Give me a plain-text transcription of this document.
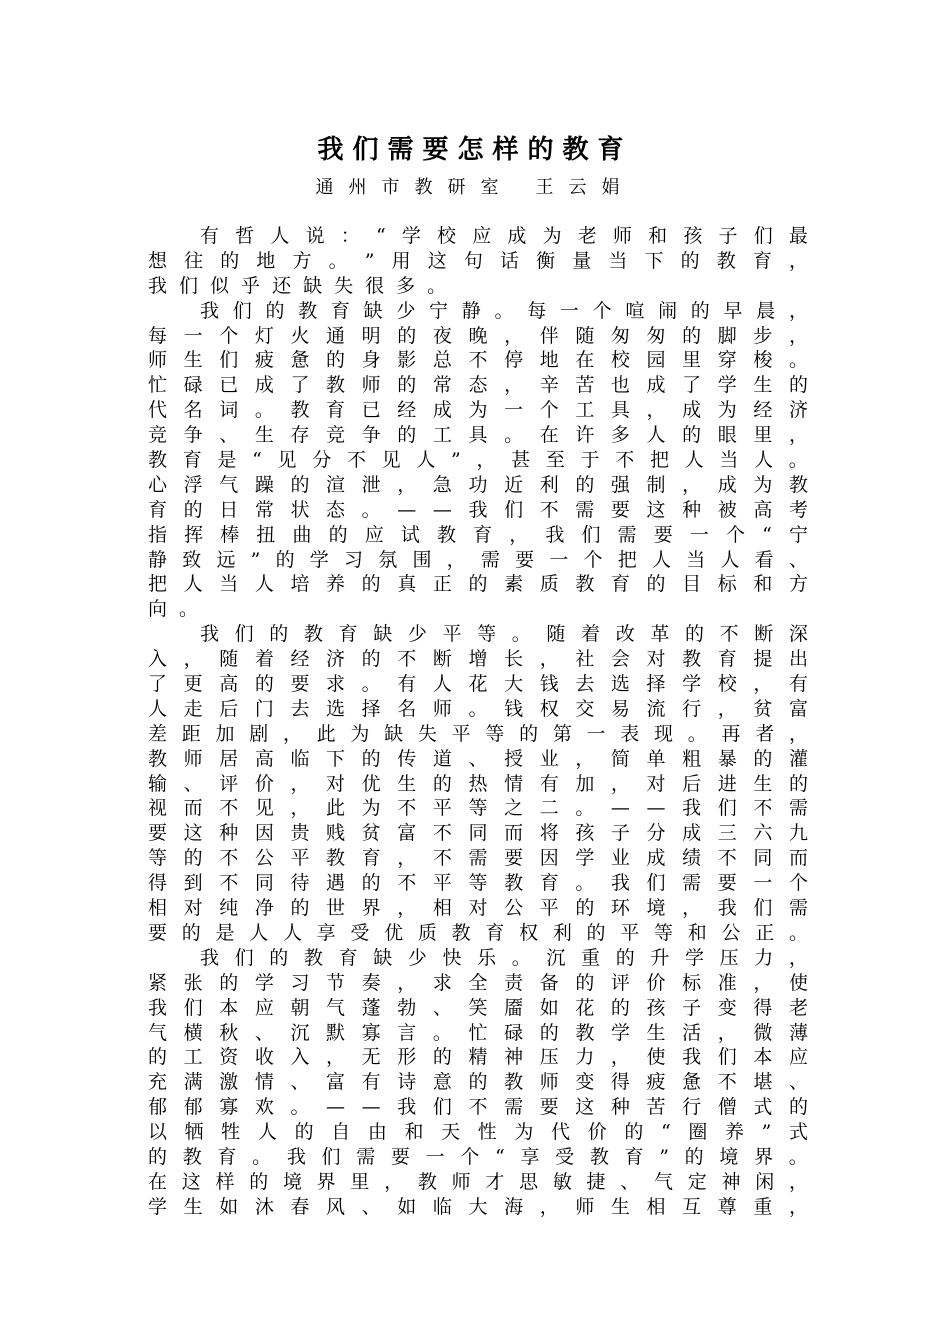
我们需要怎样的教育
通州市教研室 王云娟
有 哲 人 说 ： “ 学 校 应 成 为 老 师 和 孩 子 们 最
想 往 的 地 方 。 ” 用 这 句 话 衡 量 当 下 的 教 育 ，
我 们 似 乎 还 缺 失 很 多 。
我 们 的 教 育 缺 少 宁 静 。 每 一 个 喧 闹 的 早 晨 ，
每 一 个 灯 火 通 明 的 夜 晚 ， 伴 随 匆 匆 的 脚 步 ，
师 生 们 疲 惫 的 身 影 总 不 停 地 在 校 园 里 穿 梭 。
忙 碌 已 成 了 教 师 的 常 态 ， 辛 苦 也 成 了 学 生 的
代 名 词 。 教 育 已 经 成 为 一 个 工 具 ， 成 为 经 济
竞 争 、 生 存 竞 争 的 工 具 。 在 许 多 人 的 眼 里 ，
教 育 是 “ 见 分 不 见 人 ” ， 甚 至 于 不 把 人 当 人 。
心 浮 气 躁 的 渲 泄 ， 急 功 近 利 的 强 制 ， 成 为 教
育 的 日 常 状 态 。 — — 我 们 不 需 要 这 种 被 高 考
指 挥 棒 扭 曲 的 应 试 教 育 ， 我 们 需 要 一 个 “ 宁
静 致 远 ” 的 学 习 氛 围 ， 需 要 一 个 把 人 当 人 看 、
把 人 当 人 培 养 的 真 正 的 素 质 教 育 的 目 标 和 方
向 。
我 们 的 教 育 缺 少 平 等 。 随 着 改 革 的 不 断 深
入 ， 随 着 经 济 的 不 断 增 长 ， 社 会 对 教 育 提 出
了 更 高 的 要 求 。 有 人 花 大 钱 去 选 择 学 校 ， 有
人 走 后 门 去 选 择 名 师 。 钱 权 交 易 流 行 ， 贫 富
差 距 加 剧 ， 此 为 缺 失 平 等 的 第 一 表 现 。 再 者 ，
教 师 居 高 临 下 的 传 道 、 授 业 ， 简 单 粗 暴 的 灌
输 、 评 价 ， 对 优 生 的 热 情 有 加 ， 对 后 进 生 的
视 而 不 见 ， 此 为 不 平 等 之 二 。 — — 我 们 不 需
要 这 种 因 贵 贱 贫 富 不 同 而 将 孩 子 分 成 三 六 九
等 的 不 公 平 教 育 ， 不 需 要 因 学 业 成 绩 不 同 而
得 到 不 同 待 遇 的 不 平 等 教 育 。 我 们 需 要 一 个
相 对 纯 净 的 世 界 ， 相 对 公 平 的 环 境 ， 我 们 需
要 的 是 人 人 享 受 优 质 教 育 权 利 的 平 等 和 公 正 。
我 们 的 教 育 缺 少 快 乐 。 沉 重 的 升 学 压 力 ，
紧 张 的 学 习 节 奏 ， 求 全 责 备 的 评 价 标 准 ， 使
我 们 本 应 朝 气 蓬 勃 、 笑 靥 如 花 的 孩 子 变 得 老
气 横 秋 、 沉 默 寡 言 。 忙 碌 的 教 学 生 活 ， 微 薄
的 工 资 收 入 ， 无 形 的 精 神 压 力 ， 使 我 们 本 应
充 满 激 情 、 富 有 诗 意 的 教 师 变 得 疲 惫 不 堪 、
郁 郁 寡 欢 。 — — 我 们 不 需 要 这 种 苦 行 僧 式 的
以 牺 牲 人 的 自 由 和 天 性 为 代 价 的 “ 圈 养 ” 式
的 教 育 。 我 们 需 要 一 个 “ 享 受 教 育 ” 的 境 界 。
在 这 样 的 境 界 里 ， 教 师 才 思 敏 捷 、 气 定 神 闲 ，
学 生 如 沐 春 风 、 如 临 大 海 ， 师 生 相 互 尊 重 ，
